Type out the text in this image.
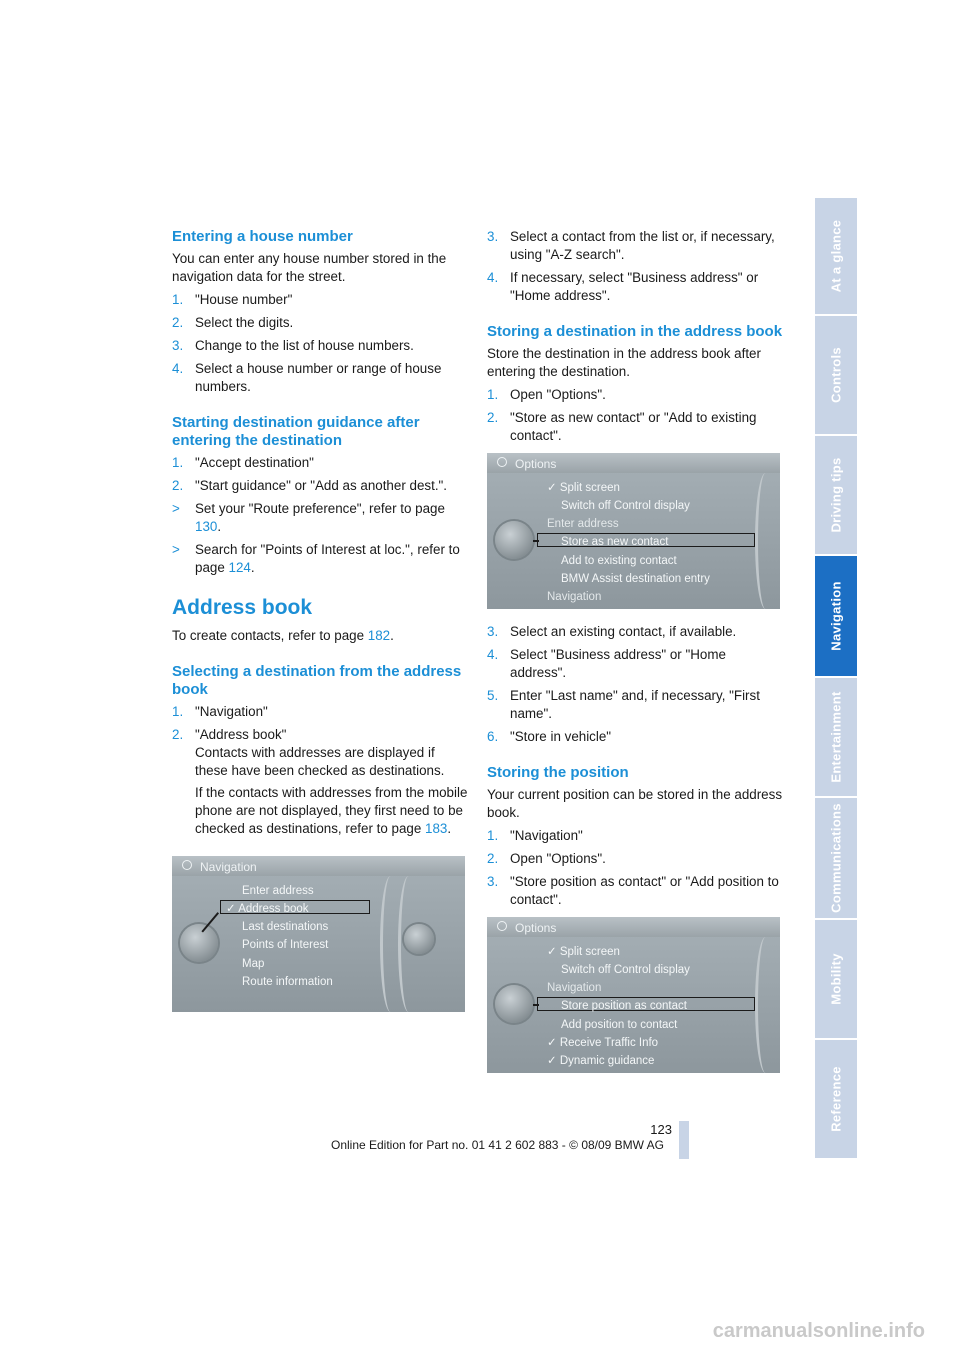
Entering a house number

You can enter any house number stored in the navigation data for the street.

1. "House number"
2. Select the digits.
3. Change to the list of house numbers.
4. Select a house number or range of house numbers.
Starting destination guidance after entering the destination
1. "Accept destination"
2. "Start guidance" or "Add as another dest.".
> Set your "Route preference", refer to page 130.
> Search for "Points of Interest at loc.", refer to page 124.
Address book

To create contacts, refer to page 182.

Selecting a destination from the address book
1. "Navigation"
2. "Address book"
Contacts with addresses are displayed if these have been checked as destinations.

If the contacts with addresses from the mobile phone are not displayed, they first need to be checked as destinations, refer to page 183.

Navigation
Enter address
✓ Address book
Last destinations
Points of Interest
Map
Route information
3. Select a contact from the list or, if necessary, using "A-Z search".
4. If necessary, select "Business address" or "Home address".
Storing a destination in the address book

Store the destination in the address book after entering the destination.

1. Open "Options".
2. "Store as new contact" or "Add to existing contact".
Options
✓ Split screen
Switch off Control display
Enter address
Store as new contact
Add to existing contact
BMW Assist destination entry
Navigation
3. Select an existing contact, if available.
4. Select "Business address" or "Home address".
5. Enter "Last name" and, if necessary, "First name".
6. "Store in vehicle"
Storing the position

Your current position can be stored in the address book.

1. "Navigation"
2. Open "Options".
3. "Store position as contact" or "Add position to contact".
Options
✓ Split screen
Switch off Control display
Navigation
Store position as contact
Add position to contact
✓ Receive Traffic Info
✓ Dynamic guidance
At a glance
Controls
Driving tips
Navigation
Entertainment
Communications
Mobility
Reference
123
Online Edition for Part no. 01 41 2 602 883 - © 08/09 BMW AG
carmanualsonline.info
